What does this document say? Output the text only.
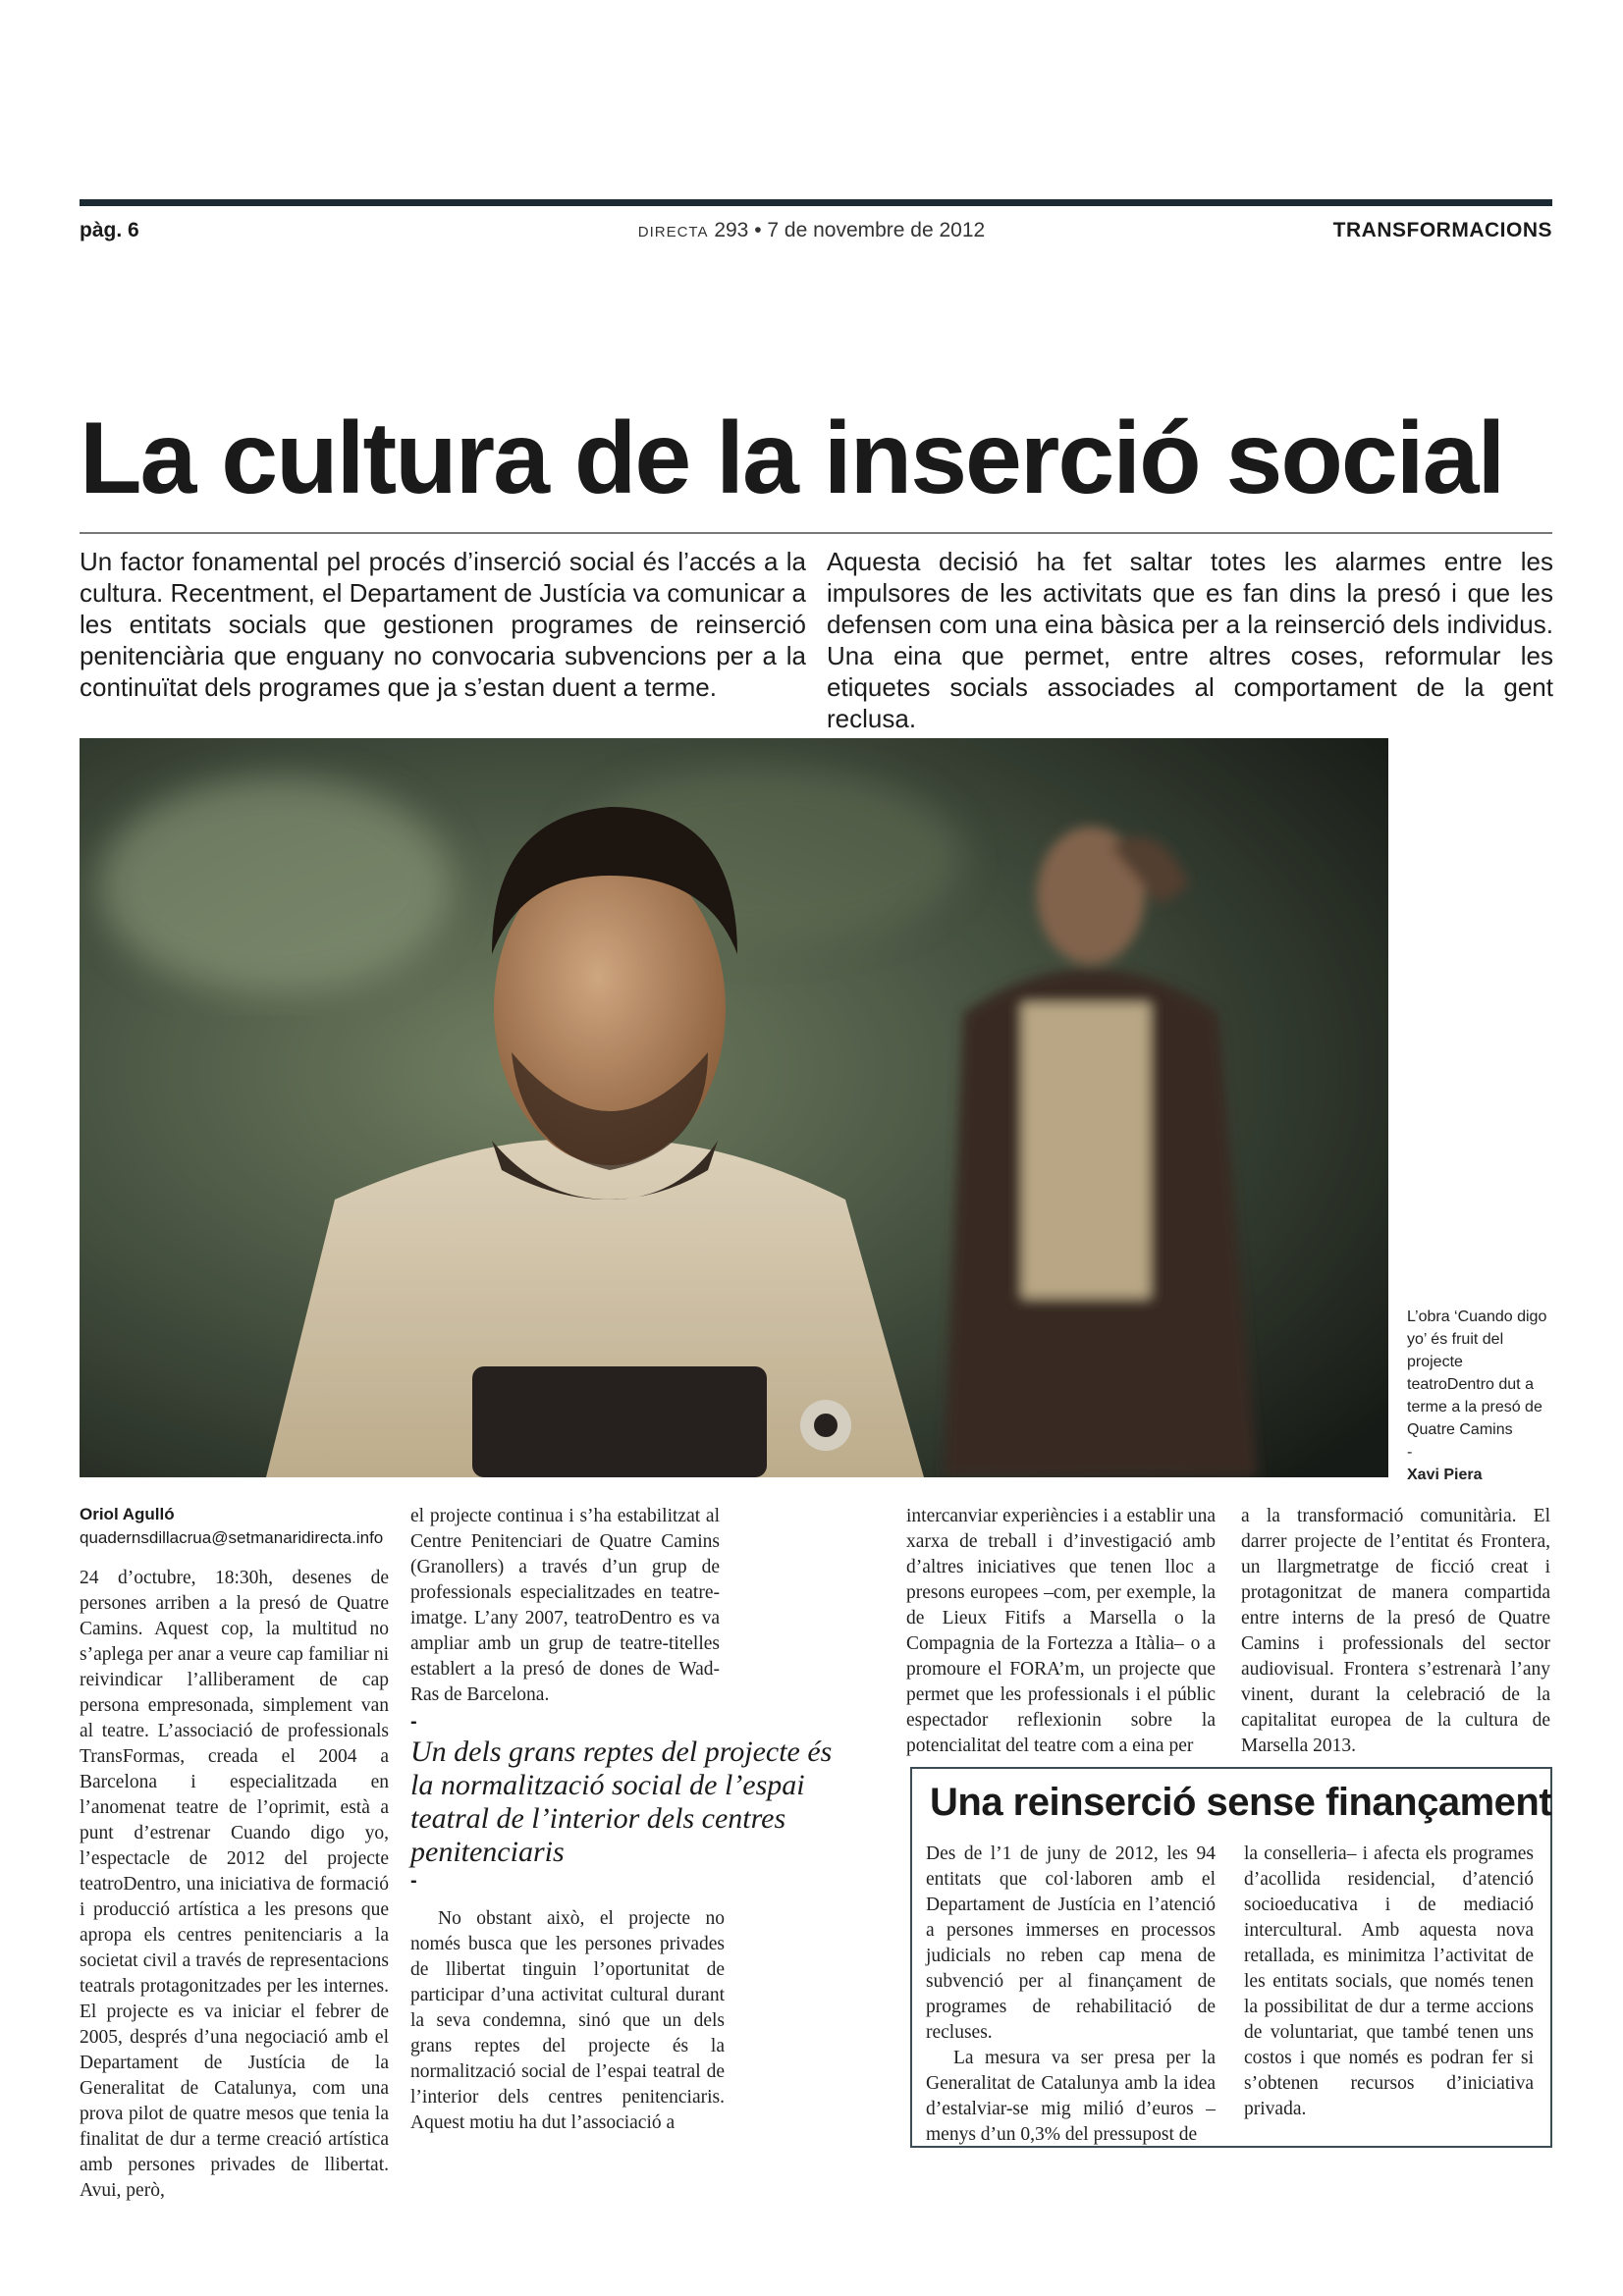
pàg. 6	DIRECTA 293 • 7 de novembre de 2012	TRANSFORMACIONS
La cultura de la inserció social
Un factor fonamental pel procés d’inserció social és l’accés a la cultura. Recentment, el Departament de Justícia va comunicar a les entitats socials que gestionen programes de reinserció penitenciària que enguany no convocaria subvencions per a la continuïtat dels programes que ja s’estan duent a terme.
Aquesta decisió ha fet saltar totes les alarmes entre les impulsores de les activitats que es fan dins la presó i que les defensen com una eina bàsica per a la reinserció dels individus. Una eina que permet, entre altres coses, reformular les etiquetes socials associades al comportament de la gent reclusa.
L’obra ‘Cuando digo yo’ és fruit del projecte teatroDentro dut a terme a la presó de Quatre Camins
-
Xavi Piera
Oriol Agulló
quadernsdillacrua@setmanaridirecta.info

24 d’octubre, 18:30h, desenes de persones arriben a la presó de Quatre Camins. Aquest cop, la multitud no s’aplega per anar a veure cap familiar ni reivindicar l’alliberament de cap persona empresonada, simplement van al teatre. L’associació de professionals TransFormas, creada el 2004 a Barcelona i especialitzada en l’anomenat teatre de l’oprimit, està a punt d’estrenar Cuando digo yo, l’espectacle de 2012 del projecte teatroDentro, una iniciativa de formació i producció artística a les presons que apropa els centres penitenciaris a la societat civil a través de representacions teatrals protagonitzades per les internes. El projecte es va iniciar el febrer de 2005, després d’una negociació amb el Departament de Justícia de la Generalitat de Catalunya, com una prova pilot de quatre mesos que tenia la finalitat de dur a terme creació artística amb persones privades de llibertat. Avui, però,

el projecte continua i s’ha estabilitzat al Centre Penitenciari de Quatre Camins (Granollers) a través d’un grup de professionals especialitzades en teatre-imatge. L’any 2007, teatroDentro es va ampliar amb un grup de teatre-titelles establert a la presó de dones de Wad-Ras de Barcelona.

-
Un dels grans reptes del projecte és la normalització social de l’espai teatral de l’interior dels centres penitenciaris
-

No obstant això, el projecte no només busca que les persones privades de llibertat tinguin l’oportunitat de participar d’una activitat cultural durant la seva condemna, sinó que un dels grans reptes del projecte és la normalització social de l’espai teatral de l’interior dels centres penitenciaris. Aquest motiu ha dut l’associació a

intercanviar experiències i a establir una xarxa de treball i d’investigació amb d’altres iniciatives que tenen lloc a presons europees –com, per exemple, la de Lieux Fitifs a Marsella o la Compagnia de la Fortezza a Itàlia– o a promoure el FORA’m, un projecte que permet que les professionals i el públic espectador reflexionin sobre la potencialitat del teatre com a eina per

a la transformació comunitària. El darrer projecte de l’entitat és Frontera, un llargmetratge de ficció creat i protagonitzat de manera compartida entre interns de la presó de Quatre Camins i professionals del sector audiovisual. Frontera s’estrenarà l’any vinent, durant la celebració de la capitalitat europea de la cultura de Marsella 2013.

Una reinserció sense finançament

Des de l’1 de juny de 2012, les 94 entitats que col·laboren amb el Departament de Justícia en l’atenció a persones immerses en processos judicials no reben cap mena de subvenció per al finançament de programes de rehabilitació de recluses.

La mesura va ser presa per la Generalitat de Catalunya amb la idea d’estalviar-se mig milió d’euros –menys d’un 0,3% del pressupost de

la conselleria– i afecta els programes d’acollida residencial, d’atenció socioeducativa i de mediació intercultural. Amb aquesta nova retallada, es minimitza l’activitat de les entitats socials, que només tenen la possibilitat de dur a terme accions de voluntariat, que també tenen uns costos i que només es podran fer si s’obtenen recursos d’iniciativa privada.
